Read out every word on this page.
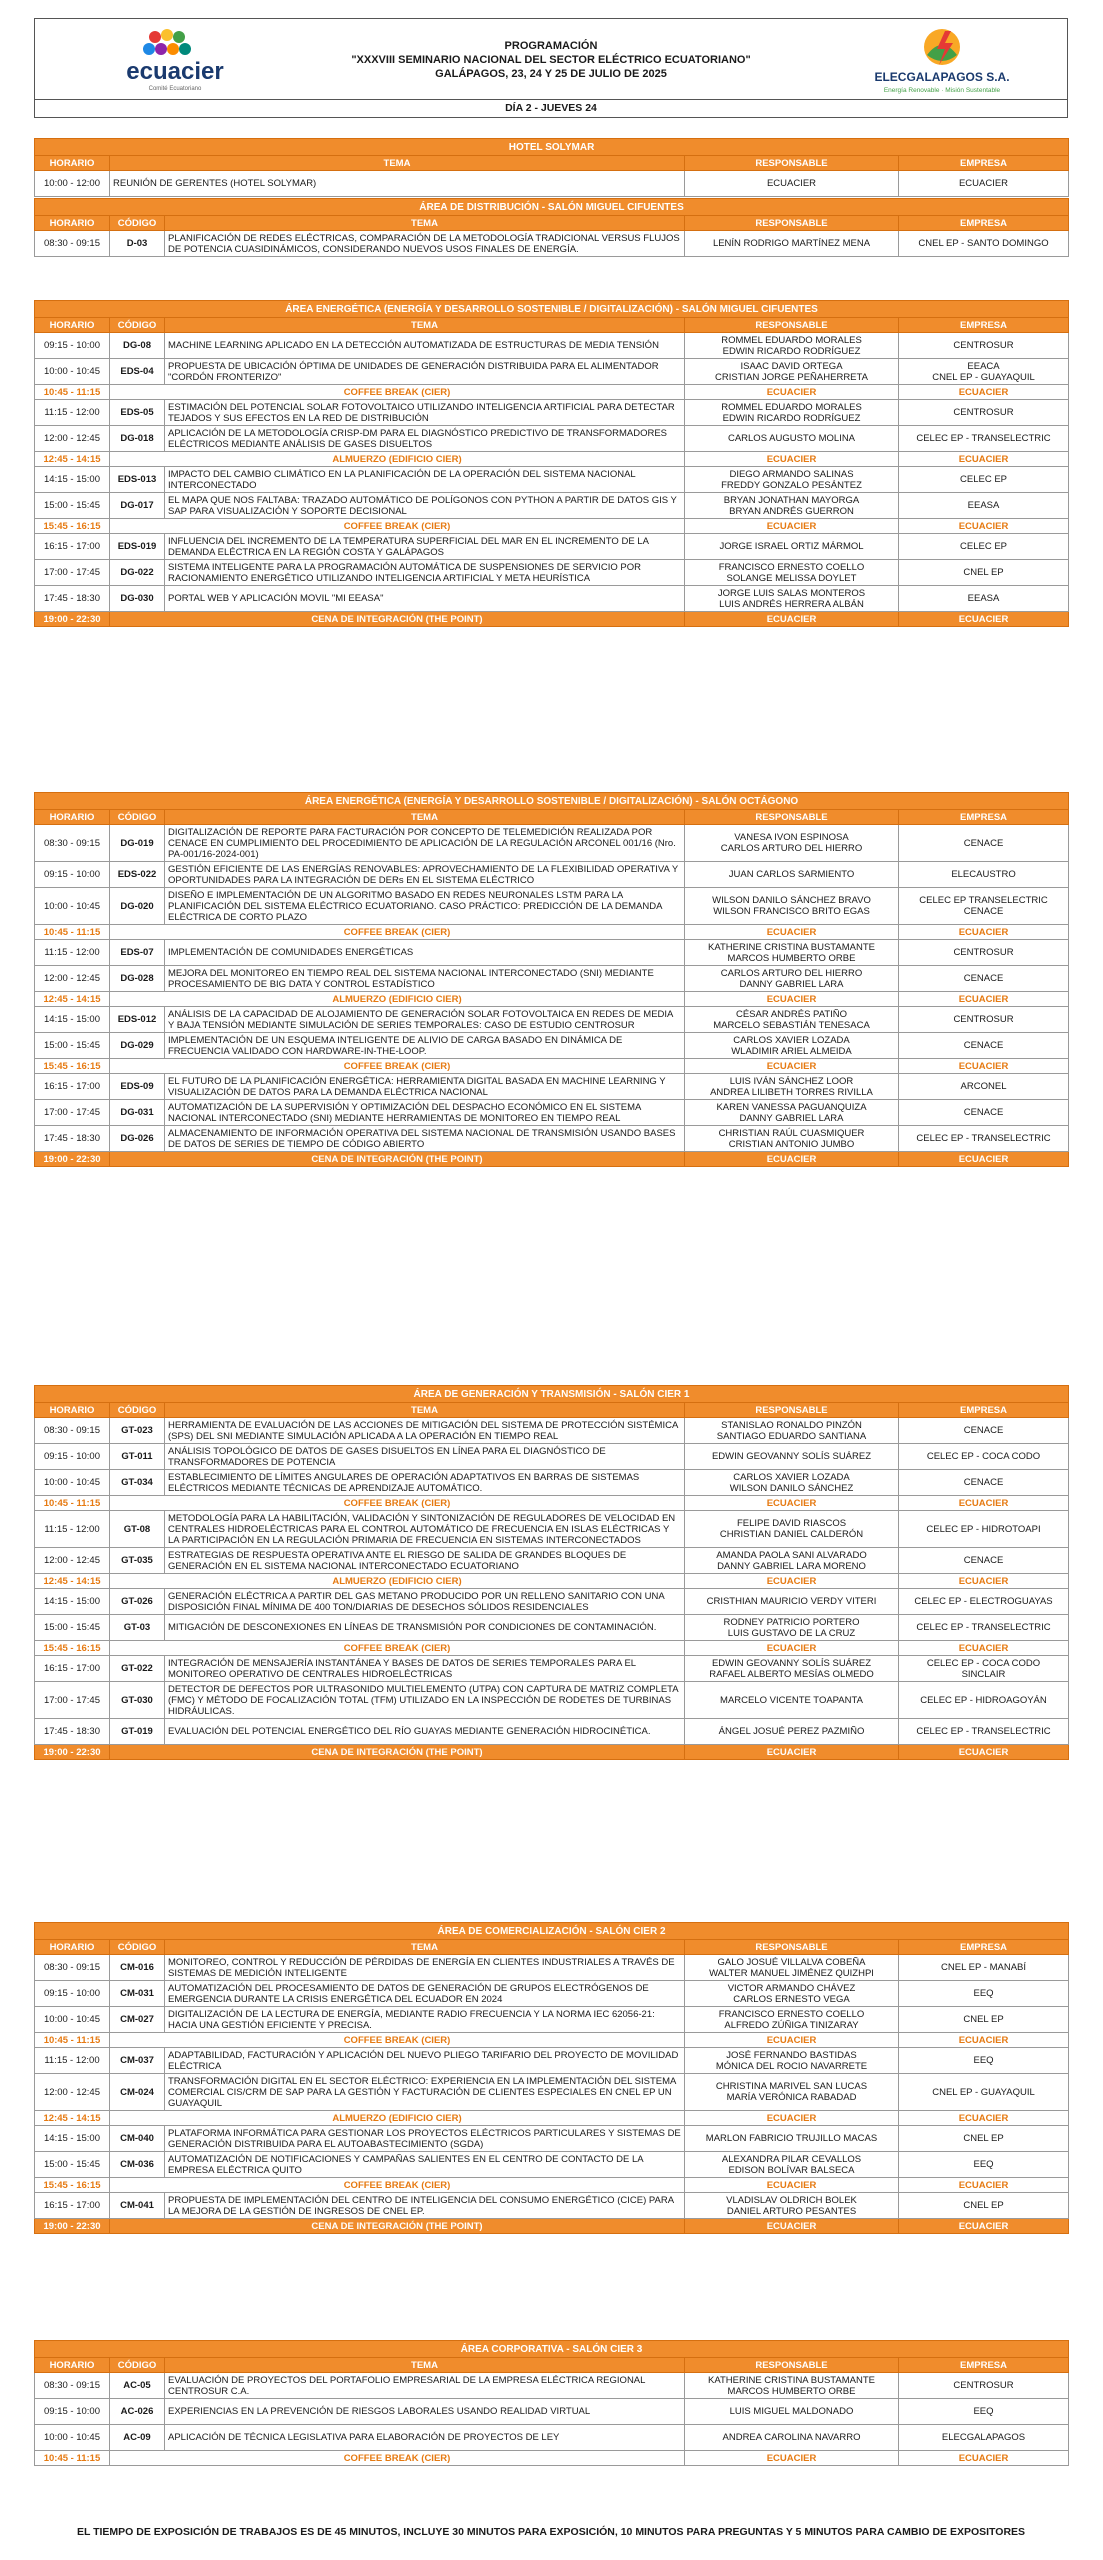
ecuacier
Comité Ecuatoriano
PROGRAMACIÓN
"XXXVIII SEMINARIO NACIONAL DEL SECTOR ELÉCTRICO ECUATORIANO"
GALÁPAGOS, 23, 24 Y 25 DE JULIO DE 2025	ELECGALAPAGOS S.A.
Energía Renovable · Misión Sustentable
DÍA 2 - JUEVES 24
HOTEL SOLYMAR			
HORARIO	TEMA	RESPONSABLE	EMPRESA
10:00 - 12:00	REUNIÓN DE GERENTES (HOTEL SOLYMAR)	ECUACIER	ECUACIER
ÁREA DE DISTRIBUCIÓN - SALÓN MIGUEL CIFUENTES				
HORARIO	CÓDIGO	TEMA	RESPONSABLE	EMPRESA
08:30 - 09:15	D-03	PLANIFICACIÓN DE REDES ELÉCTRICAS, COMPARACIÓN DE LA METODOLOGÍA TRADICIONAL VERSUS FLUJOS DE POTENCIA CUASIDINÁMICOS, CONSIDERANDO NUEVOS USOS FINALES DE ENERGÍA.	LENÍN RODRIGO MARTÍNEZ MENA	CNEL EP - SANTO DOMINGO
ÁREA ENERGÉTICA (ENERGÍA Y DESARROLLO SOSTENIBLE / DIGITALIZACIÓN) - SALÓN MIGUEL CIFUENTES				
HORARIO	CÓDIGO	TEMA	RESPONSABLE	EMPRESA
09:15 - 10:00	DG-08	MACHINE LEARNING APLICADO EN LA DETECCIÓN AUTOMATIZADA DE ESTRUCTURAS DE MEDIA TENSIÓN	ROMMEL EDUARDO MORALES
EDWIN RICARDO RODRÍGUEZ	CENTROSUR
10:00 - 10:45	EDS-04	PROPUESTA DE UBICACIÓN ÓPTIMA DE UNIDADES DE GENERACIÓN DISTRIBUIDA PARA EL ALIMENTADOR "CORDÓN FRONTERIZO"	ISAAC DAVID ORTEGA
CRISTIAN JORGE PEÑAHERRETA	EEACA
CNEL EP - GUAYAQUIL
10:45 - 11:15	COFFEE BREAK (CIER)		ECUACIER	ECUACIER
11:15 - 12:00	EDS-05	ESTIMACIÓN DEL POTENCIAL SOLAR FOTOVOLTAICO UTILIZANDO INTELIGENCIA ARTIFICIAL PARA DETECTAR TEJADOS Y SUS EFECTOS EN LA RED DE DISTRIBUCIÓN	ROMMEL EDUARDO MORALES
EDWIN RICARDO RODRÍGUEZ	CENTROSUR
12:00 - 12:45	DG-018	APLICACIÓN DE LA METODOLOGÍA CRISP-DM PARA EL DIAGNÓSTICO PREDICTIVO DE TRANSFORMADORES ELÉCTRICOS MEDIANTE ANÁLISIS DE GASES DISUELTOS	CARLOS AUGUSTO MOLINA	CELEC EP - TRANSELECTRIC
12:45 - 14:15	ALMUERZO (EDIFICIO CIER)		ECUACIER	ECUACIER
14:15 - 15:00	EDS-013	IMPACTO DEL CAMBIO CLIMÁTICO EN LA PLANIFICACIÓN DE LA OPERACIÓN DEL SISTEMA NACIONAL INTERCONECTADO	DIEGO ARMANDO SALINAS
FREDDY GONZALO PESÁNTEZ	CELEC EP
15:00 - 15:45	DG-017	EL MAPA QUE NOS FALTABA: TRAZADO AUTOMÁTICO DE POLÍGONOS CON PYTHON A PARTIR DE DATOS GIS Y SAP PARA VISUALIZACIÓN Y SOPORTE DECISIONAL	BRYAN JONATHAN MAYORGA
BRYAN ANDRÉS GUERRON	EEASA
15:45 - 16:15	COFFEE BREAK (CIER)		ECUACIER	ECUACIER
16:15 - 17:00	EDS-019	INFLUENCIA DEL INCREMENTO DE LA TEMPERATURA SUPERFICIAL DEL MAR EN EL INCREMENTO DE LA DEMANDA ELÉCTRICA EN LA REGIÓN COSTA Y GALÁPAGOS	JORGE ISRAEL ORTIZ MÁRMOL	CELEC EP
17:00 - 17:45	DG-022	SISTEMA INTELIGENTE PARA LA PROGRAMACIÓN AUTOMÁTICA DE SUSPENSIONES DE SERVICIO POR RACIONAMIENTO ENERGÉTICO UTILIZANDO INTELIGENCIA ARTIFICIAL Y META HEURÍSTICA	FRANCISCO ERNESTO COELLO
SOLANGE MELISSA DOYLET	CNEL EP
17:45 - 18:30	DG-030	PORTAL WEB Y APLICACIÓN MOVIL "MI EEASA"	JORGE LUIS SALAS MONTEROS
LUIS ANDRÉS HERRERA ALBÁN	EEASA
19:00 - 22:30	CENA DE INTEGRACIÓN (THE POINT)		ECUACIER	ECUACIER
ÁREA ENERGÉTICA (ENERGÍA Y DESARROLLO SOSTENIBLE / DIGITALIZACIÓN) - SALÓN OCTÁGONO				
HORARIO	CÓDIGO	TEMA	RESPONSABLE	EMPRESA
08:30 - 09:15	DG-019	DIGITALIZACIÓN DE REPORTE PARA FACTURACIÓN POR CONCEPTO DE TELEMEDICIÓN REALIZADA POR CENACE EN CUMPLIMIENTO DEL PROCEDIMIENTO DE APLICACIÓN DE LA REGULACIÓN ARCONEL 001/16 (Nro. PA-001/16-2024-001)	VANESA IVON ESPINOSA
CARLOS ARTURO DEL HIERRO	CENACE
09:15 - 10:00	EDS-022	GESTIÓN EFICIENTE DE LAS ENERGÍAS RENOVABLES: APROVECHAMIENTO DE LA FLEXIBILIDAD OPERATIVA Y OPORTUNIDADES PARA LA INTEGRACIÓN DE DERs EN EL SISTEMA ELÉCTRICO	JUAN CARLOS SARMIENTO	ELECAUSTRO
10:00 - 10:45	DG-020	DISEÑO E IMPLEMENTACIÓN DE UN ALGORITMO BASADO EN REDES NEURONALES LSTM PARA LA PLANIFICACIÓN DEL SISTEMA ELÉCTRICO ECUATORIANO. CASO PRÁCTICO: PREDICCIÓN DE LA DEMANDA ELÉCTRICA DE CORTO PLAZO	WILSON DANILO SÁNCHEZ BRAVO
WILSON FRANCISCO BRITO EGAS	CELEC EP TRANSELECTRIC
CENACE
10:45 - 11:15	COFFEE BREAK (CIER)		ECUACIER	ECUACIER
11:15 - 12:00	EDS-07	IMPLEMENTACIÓN DE COMUNIDADES ENERGÉTICAS	KATHERINE CRISTINA BUSTAMANTE
MARCOS HUMBERTO ORBE	CENTROSUR
12:00 - 12:45	DG-028	MEJORA DEL MONITOREO EN TIEMPO REAL DEL SISTEMA NACIONAL INTERCONECTADO (SNI) MEDIANTE PROCESAMIENTO DE BIG DATA Y CONTROL ESTADÍSTICO	CARLOS ARTURO DEL HIERRO
DANNY GABRIEL LARA	CENACE
12:45 - 14:15	ALMUERZO (EDIFICIO CIER)		ECUACIER	ECUACIER
14:15 - 15:00	EDS-012	ANÁLISIS DE LA CAPACIDAD DE ALOJAMIENTO DE GENERACIÓN SOLAR FOTOVOLTAICA EN REDES DE MEDIA Y BAJA TENSIÓN MEDIANTE SIMULACIÓN DE SERIES TEMPORALES: CASO DE ESTUDIO CENTROSUR	CÉSAR ANDRÉS PATIÑO
MARCELO SEBASTIÁN TENESACA	CENTROSUR
15:00 - 15:45	DG-029	IMPLEMENTACIÓN DE UN ESQUEMA INTELIGENTE DE ALIVIO DE CARGA BASADO EN DINÁMICA DE FRECUENCIA VALIDADO CON HARDWARE-IN-THE-LOOP.	CARLOS XAVIER LOZADA
WLADIMIR ARIEL ALMEIDA	CENACE
15:45 - 16:15	COFFEE BREAK (CIER)		ECUACIER	ECUACIER
16:15 - 17:00	EDS-09	EL FUTURO DE LA PLANIFICACIÓN ENERGÉTICA: HERRAMIENTA DIGITAL BASADA EN MACHINE LEARNING Y VISUALIZACIÓN DE DATOS PARA LA DEMANDA ELÉCTRICA NACIONAL	LUIS IVÁN SÁNCHEZ LOOR
ANDREA LILIBETH TORRES RIVILLA	ARCONEL
17:00 - 17:45	DG-031	AUTOMATIZACIÓN DE LA SUPERVISIÓN Y OPTIMIZACIÓN DEL DESPACHO ECONÓMICO EN EL SISTEMA NACIONAL INTERCONECTADO (SNI) MEDIANTE HERRAMIENTAS DE MONITOREO EN TIEMPO REAL	KAREN VANESSA PAGUANQUIZA
DANNY GABRIEL LARA	CENACE
17:45 - 18:30	DG-026	ALMACENAMIENTO DE INFORMACIÓN OPERATIVA DEL SISTEMA NACIONAL DE TRANSMISIÓN USANDO BASES DE DATOS DE SERIES DE TIEMPO DE CÓDIGO ABIERTO	CHRISTIAN RAÚL CUASMIQUER
CRISTIAN ANTONIO JUMBO	CELEC EP - TRANSELECTRIC
19:00 - 22:30	CENA DE INTEGRACIÓN (THE POINT)		ECUACIER	ECUACIER
ÁREA DE GENERACIÓN Y TRANSMISIÓN - SALÓN CIER 1				
HORARIO	CÓDIGO	TEMA	RESPONSABLE	EMPRESA
08:30 - 09:15	GT-023	HERRAMIENTA DE EVALUACIÓN DE LAS ACCIONES DE MITIGACIÓN DEL SISTEMA DE PROTECCIÓN SISTÉMICA (SPS) DEL SNI MEDIANTE SIMULACIÓN APLICADA A LA OPERACIÓN EN TIEMPO REAL	STANISLAO RONALDO PINZÓN
SANTIAGO EDUARDO SANTIANA	CENACE
09:15 - 10:00	GT-011	ANÁLISIS TOPOLÓGICO DE DATOS DE GASES DISUELTOS EN LÍNEA PARA EL DIAGNÓSTICO DE TRANSFORMADORES DE POTENCIA	EDWIN GEOVANNY SOLÍS SUÁREZ	CELEC EP - COCA CODO
10:00 - 10:45	GT-034	ESTABLECIMIENTO DE LÍMITES ANGULARES DE OPERACIÓN ADAPTATIVOS EN BARRAS DE SISTEMAS ELÉCTRICOS MEDIANTE TÉCNICAS DE APRENDIZAJE AUTOMÁTICO.	CARLOS XAVIER LOZADA
WILSON DANILO SÁNCHEZ	CENACE
10:45 - 11:15	COFFEE BREAK (CIER)		ECUACIER	ECUACIER
11:15 - 12:00	GT-08	METODOLOGÍA PARA LA HABILITACIÓN, VALIDACIÓN Y SINTONIZACIÓN DE REGULADORES DE VELOCIDAD EN CENTRALES HIDROELÉCTRICAS PARA EL CONTROL AUTOMÁTICO DE FRECUENCIA EN ISLAS ELÉCTRICAS Y LA PARTICIPACIÓN EN LA REGULACIÓN PRIMARIA DE FRECUENCIA EN SISTEMAS INTERCONECTADOS	FELIPE DAVID RIASCOS
CHRISTIAN DANIEL CALDERÓN	CELEC EP - HIDROTOAPI
12:00 - 12:45	GT-035	ESTRATEGIAS DE RESPUESTA OPERATIVA ANTE EL RIESGO DE SALIDA DE GRANDES BLOQUES DE GENERACIÓN EN EL SISTEMA NACIONAL INTERCONECTADO ECUATORIANO	AMANDA PAOLA SANI ALVARADO
DANNY GABRIEL LARA MORENO	CENACE
12:45 - 14:15	ALMUERZO (EDIFICIO CIER)		ECUACIER	ECUACIER
14:15 - 15:00	GT-026	GENERACIÓN ELÉCTRICA A PARTIR DEL GAS METANO PRODUCIDO POR UN RELLENO SANITARIO CON UNA DISPOSICIÓN FINAL MÍNIMA DE 400 TON/DIARIAS DE DESECHOS SÓLIDOS RESIDENCIALES	CRISTHIAN MAURICIO VERDY VITERI	CELEC EP - ELECTROGUAYAS
15:00 - 15:45	GT-03	MITIGACIÓN DE DESCONEXIONES EN LÍNEAS DE TRANSMISIÓN POR CONDICIONES DE CONTAMINACIÓN.	RODNEY PATRICIO PORTERO
LUIS GUSTAVO DE LA CRUZ	CELEC EP - TRANSELECTRIC
15:45 - 16:15	COFFEE BREAK (CIER)		ECUACIER	ECUACIER
16:15 - 17:00	GT-022	INTEGRACIÓN DE MENSAJERÍA INSTANTÁNEA Y BASES DE DATOS DE SERIES TEMPORALES PARA EL MONITOREO OPERATIVO DE CENTRALES HIDROELÉCTRICAS	EDWIN GEOVANNY SOLÍS SUÁREZ
RAFAEL ALBERTO MESÍAS OLMEDO	CELEC EP - COCA CODO
SINCLAIR
17:00 - 17:45	GT-030	DETECTOR DE DEFECTOS POR ULTRASONIDO MULTIELEMENTO (UTPA) CON CAPTURA DE MATRIZ COMPLETA (FMC) Y MÉTODO DE FOCALIZACIÓN TOTAL (TFM) UTILIZADO EN LA INSPECCIÓN DE RODETES DE TURBINAS HIDRÁULICAS.	MARCELO VICENTE TOAPANTA	CELEC EP - HIDROAGOYÁN
17:45 - 18:30	GT-019	EVALUACIÓN DEL POTENCIAL ENERGÉTICO DEL RÍO GUAYAS MEDIANTE GENERACIÓN HIDROCINÉTICA.	ÁNGEL JOSUÉ PEREZ PAZMIÑO	CELEC EP - TRANSELECTRIC
19:00 - 22:30	CENA DE INTEGRACIÓN (THE POINT)		ECUACIER	ECUACIER
ÁREA DE COMERCIALIZACIÓN - SALÓN CIER 2				
HORARIO	CÓDIGO	TEMA	RESPONSABLE	EMPRESA
08:30 - 09:15	CM-016	MONITOREO, CONTROL Y REDUCCIÓN DE PÉRDIDAS DE ENERGÍA EN CLIENTES INDUSTRIALES A TRAVÉS DE SISTEMAS DE MEDICIÓN INTELIGENTE	GALO JOSUÉ VILLALVA COBEÑA
WALTER MANUEL JIMÉNEZ QUIZHPI	CNEL EP - MANABÍ
09:15 - 10:00	CM-031	AUTOMATIZACIÓN DEL PROCESAMIENTO DE DATOS DE GENERACIÓN DE GRUPOS ELECTRÓGENOS DE EMERGENCIA DURANTE LA CRISIS ENERGÉTICA DEL ECUADOR EN 2024	VICTOR ARMANDO CHÁVEZ
CARLOS ERNESTO VEGA	EEQ
10:00 - 10:45	CM-027	DIGITALIZACIÓN DE LA LECTURA DE ENERGÍA, MEDIANTE RADIO FRECUENCIA Y LA NORMA IEC 62056-21: HACIA UNA GESTIÓN EFICIENTE Y PRECISA.	FRANCISCO ERNESTO COELLO
ALFREDO ZÚÑIGA TINIZARAY	CNEL EP
10:45 - 11:15	COFFEE BREAK (CIER)		ECUACIER	ECUACIER
11:15 - 12:00	CM-037	ADAPTABILIDAD, FACTURACIÓN Y APLICACIÓN DEL NUEVO PLIEGO TARIFARIO DEL PROYECTO DE MOVILIDAD ELÉCTRICA	JOSÉ FERNANDO BASTIDAS
MÓNICA DEL ROCIO NAVARRETE	EEQ
12:00 - 12:45	CM-024	TRANSFORMACIÓN DIGITAL EN EL SECTOR ELÉCTRICO: EXPERIENCIA EN LA IMPLEMENTACIÓN DEL SISTEMA COMERCIAL CIS/CRM DE SAP PARA LA GESTIÓN Y FACTURACIÓN DE CLIENTES ESPECIALES EN CNEL EP UN GUAYAQUIL	CHRISTINA MARIVEL SAN LUCAS
MARÍA VERÓNICA RABADAD	CNEL EP - GUAYAQUIL
12:45 - 14:15	ALMUERZO (EDIFICIO CIER)		ECUACIER	ECUACIER
14:15 - 15:00	CM-040	PLATAFORMA INFORMÁTICA PARA GESTIONAR LOS PROYECTOS ELÉCTRICOS PARTICULARES Y SISTEMAS DE GENERACIÓN DISTRIBUIDA PARA EL AUTOABASTECIMIENTO (SGDA)	MARLON FABRICIO TRUJILLO MACAS	CNEL EP
15:00 - 15:45	CM-036	AUTOMATIZACIÓN DE NOTIFICACIONES Y CAMPAÑAS SALIENTES EN EL CENTRO DE CONTACTO DE LA EMPRESA ELÉCTRICA QUITO	ALEXANDRA PILAR CEVALLOS
EDISON BOLÍVAR BALSECA	EEQ
15:45 - 16:15	COFFEE BREAK (CIER)		ECUACIER	ECUACIER
16:15 - 17:00	CM-041	PROPUESTA DE IMPLEMENTACIÓN DEL CENTRO DE INTELIGENCIA DEL CONSUMO ENERGÉTICO (CICE) PARA LA MEJORA DE LA GESTIÓN DE INGRESOS DE CNEL EP.	VLADISLAV OLDRICH BOLEK
DANIEL ARTURO PESANTES	CNEL EP
19:00 - 22:30	CENA DE INTEGRACIÓN (THE POINT)		ECUACIER	ECUACIER
ÁREA CORPORATIVA - SALÓN CIER 3				
HORARIO	CÓDIGO	TEMA	RESPONSABLE	EMPRESA
08:30 - 09:15	AC-05	EVALUACIÓN DE PROYECTOS DEL PORTAFOLIO EMPRESARIAL DE LA EMPRESA ELÉCTRICA REGIONAL CENTROSUR C.A.	KATHERINE CRISTINA BUSTAMANTE
MARCOS HUMBERTO ORBE	CENTROSUR
09:15 - 10:00	AC-026	EXPERIENCIAS EN LA PREVENCIÓN DE RIESGOS LABORALES USANDO REALIDAD VIRTUAL	LUIS MIGUEL MALDONADO	EEQ
10:00 - 10:45	AC-09	APLICACIÓN DE TÉCNICA LEGISLATIVA PARA ELABORACIÓN DE PROYECTOS DE LEY	ANDREA CAROLINA NAVARRO	ELECGALAPAGOS
10:45 - 11:15	COFFEE BREAK (CIER)		ECUACIER	ECUACIER
EL TIEMPO DE EXPOSICIÓN DE TRABAJOS ES DE 45 MINUTOS, INCLUYE 30 MINUTOS PARA EXPOSICIÓN, 10 MINUTOS PARA PREGUNTAS Y 5 MINUTOS PARA CAMBIO DE EXPOSITORES
